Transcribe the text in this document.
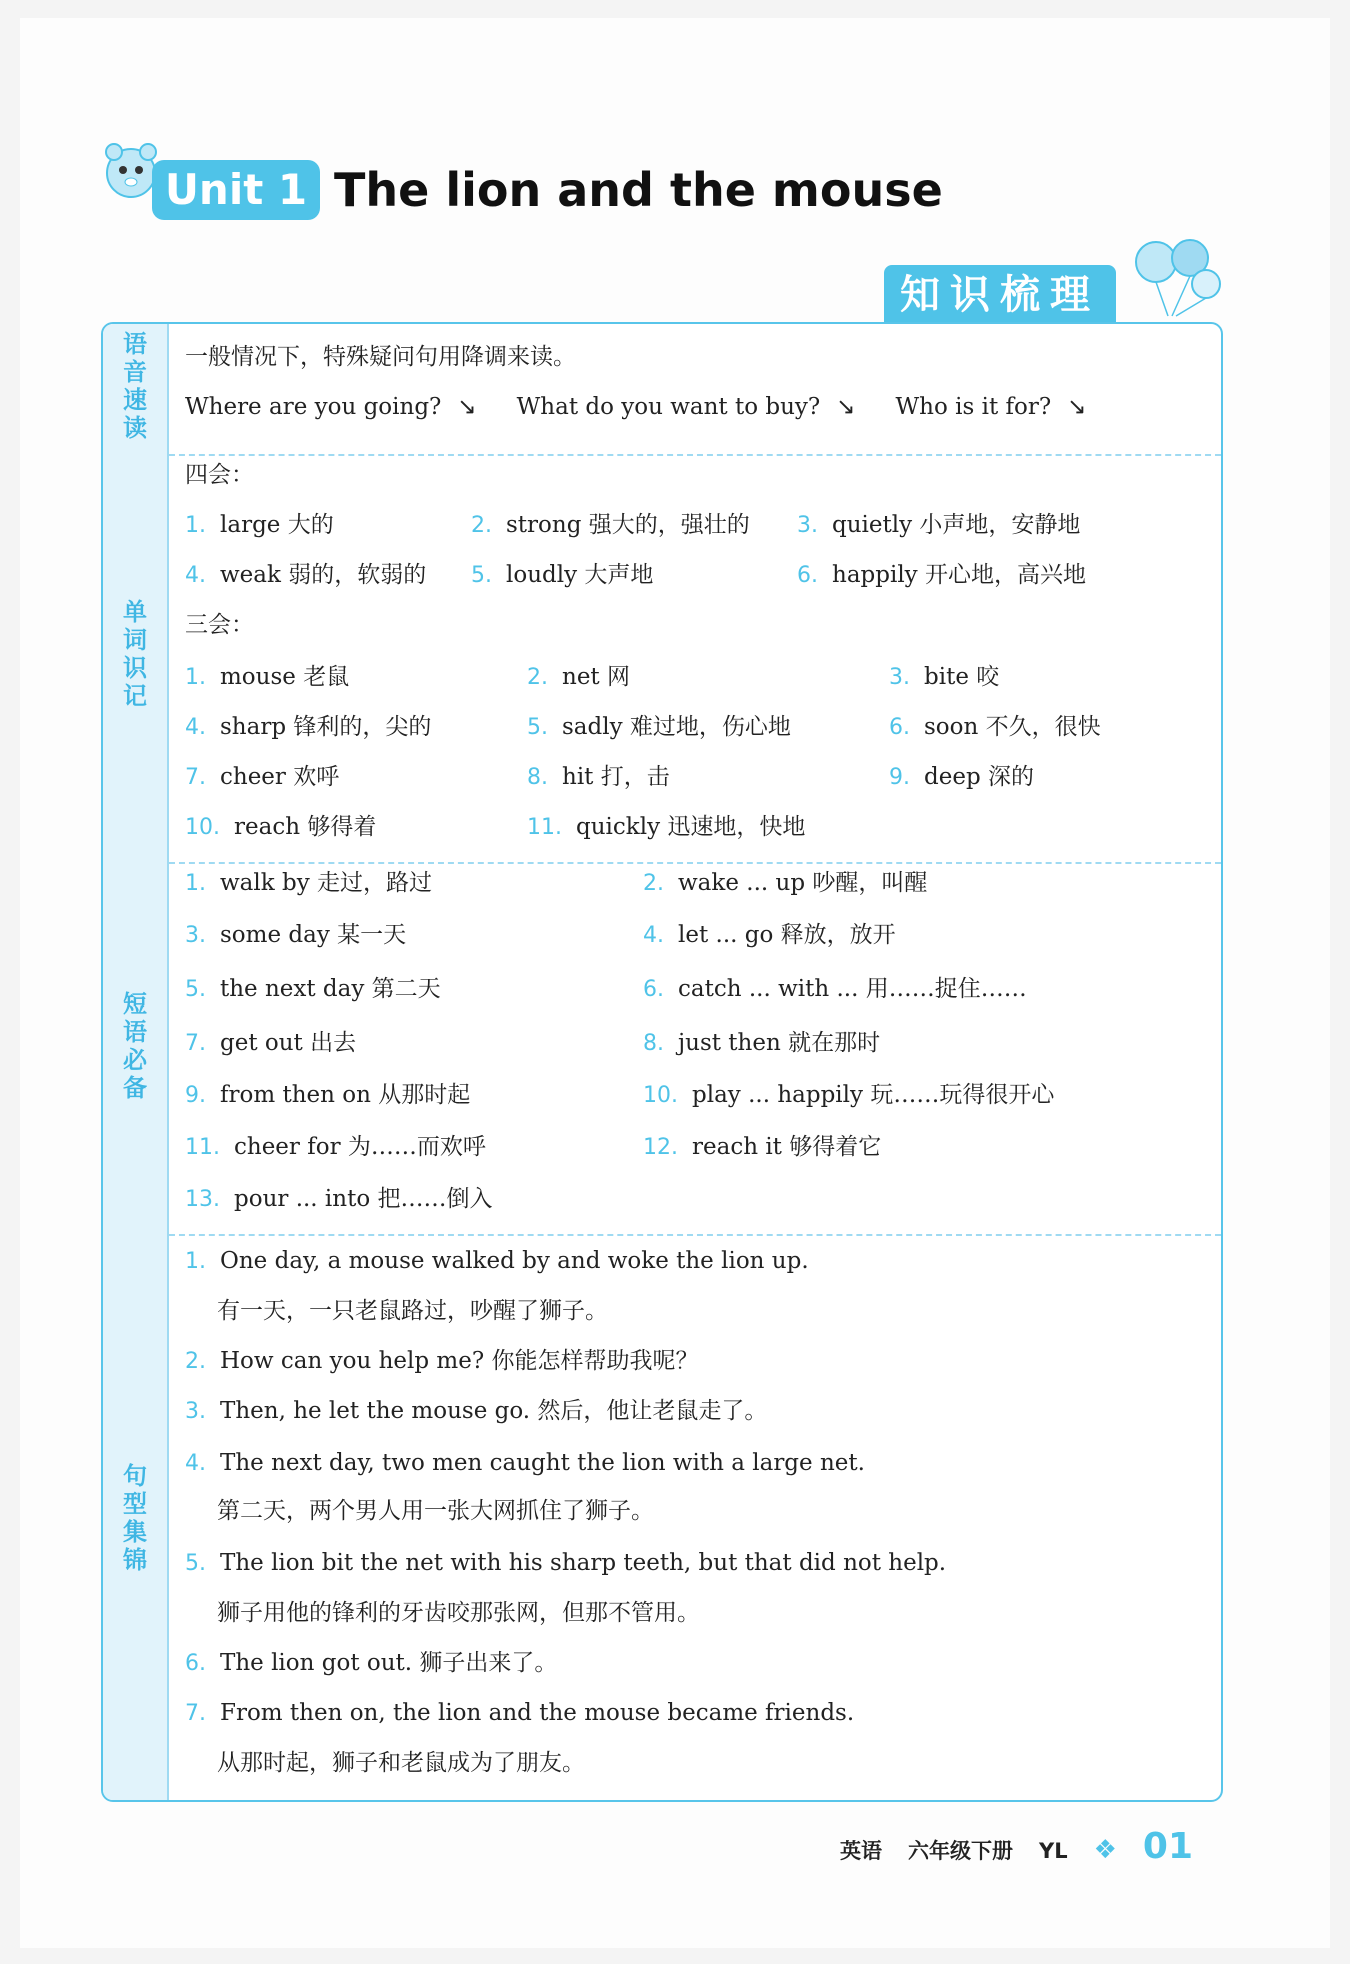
Unit 1 The lion and the mouse
知识梳理
语
音
速
读
单
词
识
记
短
语
必
备
句
型
集
锦
一般情况下，特殊疑问句用降调来读。
Where are you going? ↘ What do you want to buy? ↘ Who is it for? ↘
四会：
1. large 大的	2. strong 强大的，强壮的 3. quietly 小声地，安静地
4. weak 弱的，软弱的 5. loudly 大声地	6. happily 开心地，高兴地
三会：
1. mouse 老鼠	2. net 网	3. bite 咬
4. sharp 锋利的，尖的	5. sadly 难过地，伤心地	6. soon 不久，很快
7. cheer 欢呼	8. hit 打，击	9. deep 深的
10. reach 够得着	11. quickly 迅速地，快地
1. walk by 走过，路过	2. wake ... up 吵醒，叫醒
3. some day 某一天	4. let ... go 释放，放开
5. the next day 第二天	6. catch ... with ... 用……捉住……
7. get out 出去	8. just then 就在那时
9. from then on 从那时起	10. play ... happily 玩……玩得很开心
11. cheer for 为……而欢呼	12. reach it 够得着它
13. pour ... into 把……倒入
1. One day, a mouse walked by and woke the lion up.
有一天，一只老鼠路过，吵醒了狮子。
2. How can you help me? 你能怎样帮助我呢？
3. Then, he let the mouse go. 然后，他让老鼠走了。
4. The next day, two men caught the lion with a large net.
第二天，两个男人用一张大网抓住了狮子。
5. The lion bit the net with his sharp teeth, but that did not help.
狮子用他的锋利的牙齿咬那张网，但那不管用。
6. The lion got out. 狮子出来了。
7. From then on, the lion and the mouse became friends.
从那时起，狮子和老鼠成为了朋友。
英语 六年级下册 YL ❖ 01
